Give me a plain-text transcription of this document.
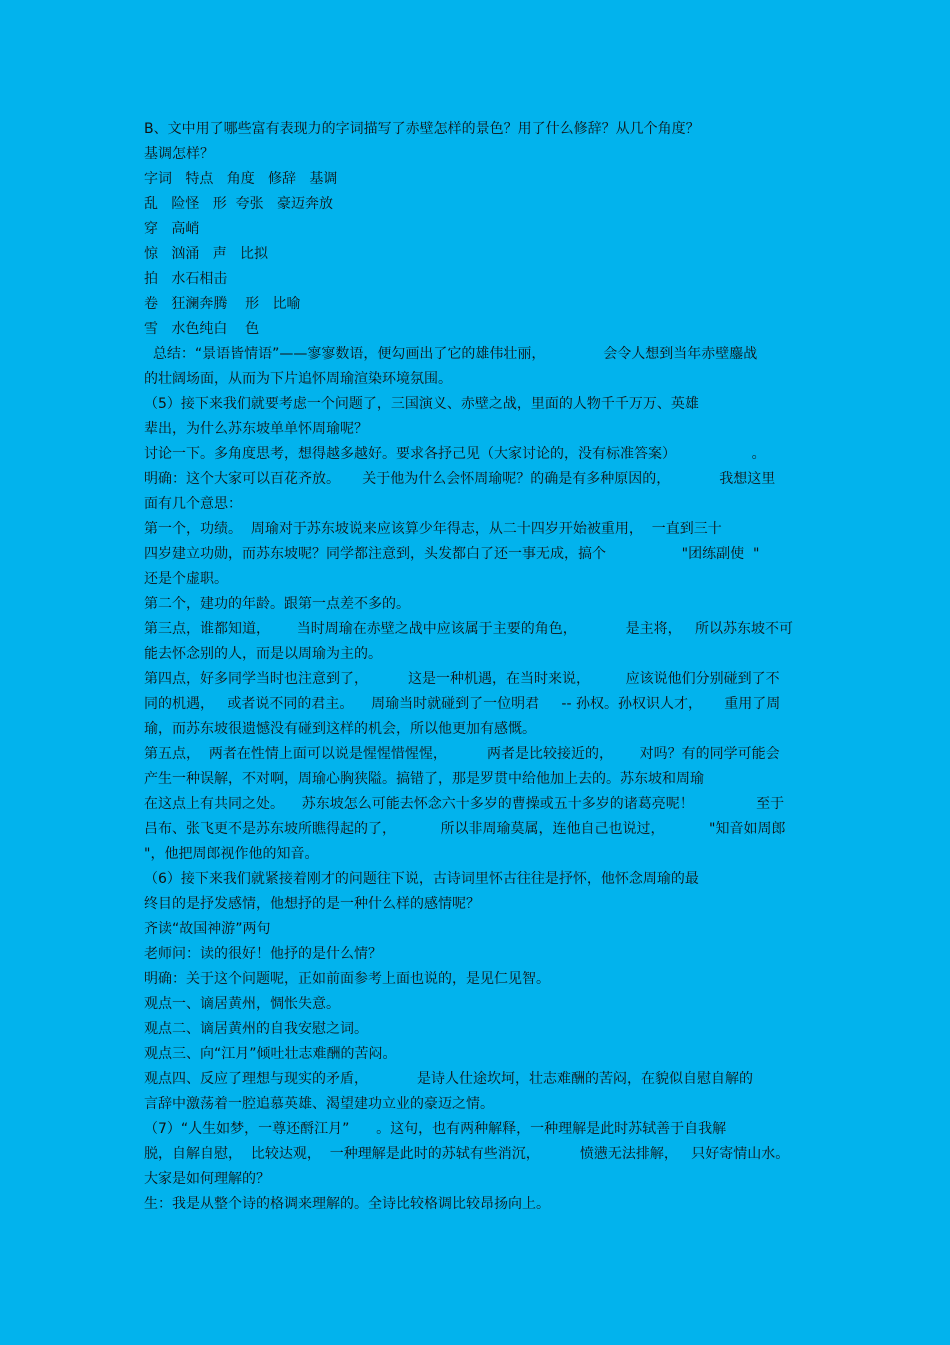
B、文中用了哪些富有表现力的字词描写了赤壁怎样的景色？用了什么修辞？从几个角度？
基调怎样？
字词   特点   角度   修辞   基调
乱   险怪   形  夸张   豪迈奔放
穿   高峭
惊   汹涌   声   比拟
拍   水石相击
卷   狂澜奔腾    形   比喻
雪   水色纯白    色
总结：“景语皆情语”——寥寥数语，便勾画出了它的雄伟壮丽，             会令人想到当年赤壁鏖战
的壮阔场面，从而为下片追怀周瑜渲染环境氛围。
（5）接下来我们就要考虑一个问题了，三国演义、赤壁之战，里面的人物千千万万、英雄
辈出，为什么苏东坡单单怀周瑜呢？
讨论一下。多角度思考，想得越多越好。要求各抒己见（大家讨论的，没有标准答案）                 。
明确：这个大家可以百花齐放。     关于他为什么会怀周瑜呢？的确是有多种原因的，           我想这里
面有几个意思：
第一个，功绩。  周瑜对于苏东坡说来应该算少年得志，从二十四岁开始被重用，  一直到三十
四岁建立功勋，而苏东坡呢？同学都注意到，头发都白了还一事无成，搞个                 "团练副使  "
还是个虚职。
第二个，建功的年龄。跟第一点差不多的。
第三点，谁都知道，      当时周瑜在赤壁之战中应该属于主要的角色，           是主将，   所以苏东坡不可
能去怀念别的人，而是以周瑜为主的。
第四点，好多同学当时也注意到了，         这是一种机遇，在当时来说，        应该说他们分别碰到了不
同的机遇，   或者说不同的君主。    周瑜当时就碰到了一位明君     -- 孙权。孙权识人才，     重用了周
瑜，而苏东坡很遗憾没有碰到这样的机会，所以他更加有感慨。
第五点，  两者在性情上面可以说是惺惺惜惺惺，         两者是比较接近的，      对吗？有的同学可能会
产生一种误解，不对啊，周瑜心胸狭隘。搞错了，那是罗贯中给他加上去的。苏东坡和周瑜
在这点上有共同之处。    苏东坡怎么可能去怀念六十多岁的曹操或五十多岁的诸葛亮呢！              至于
吕布、张飞更不是苏东坡所瞧得起的了，          所以非周瑜莫属，连他自己也说过，          "知音如周郎
"，他把周郎视作他的知音。
（6）接下来我们就紧接着刚才的问题往下说，古诗词里怀古往往是抒怀，他怀念周瑜的最
终目的是抒发感情，他想抒的是一种什么样的感情呢？
齐读“故国神游”两句
老师问：读的很好！他抒的是什么情？
明确：关于这个问题呢，正如前面参考上面也说的，是见仁见智。
观点一、谪居黄州，惆怅失意。
观点二、谪居黄州的自我安慰之词。
观点三、向“江月”倾吐壮志难酬的苦闷。
观点四、反应了理想与现实的矛盾，           是诗人仕途坎坷，壮志难酬的苦闷，在貌似自慰自解的
言辞中激荡着一腔追慕英雄、渴望建功立业的豪迈之情。
（7）“人生如梦，一尊还酹江月”      。这句，也有两种解释，一种理解是此时苏轼善于自我解
脱，自解自慰，  比较达观，  一种理解是此时的苏轼有些消沉，         愤懑无法排解，   只好寄情山水。
大家是如何理解的？
生：我是从整个诗的格调来理解的。全诗比较格调比较昂扬向上。
